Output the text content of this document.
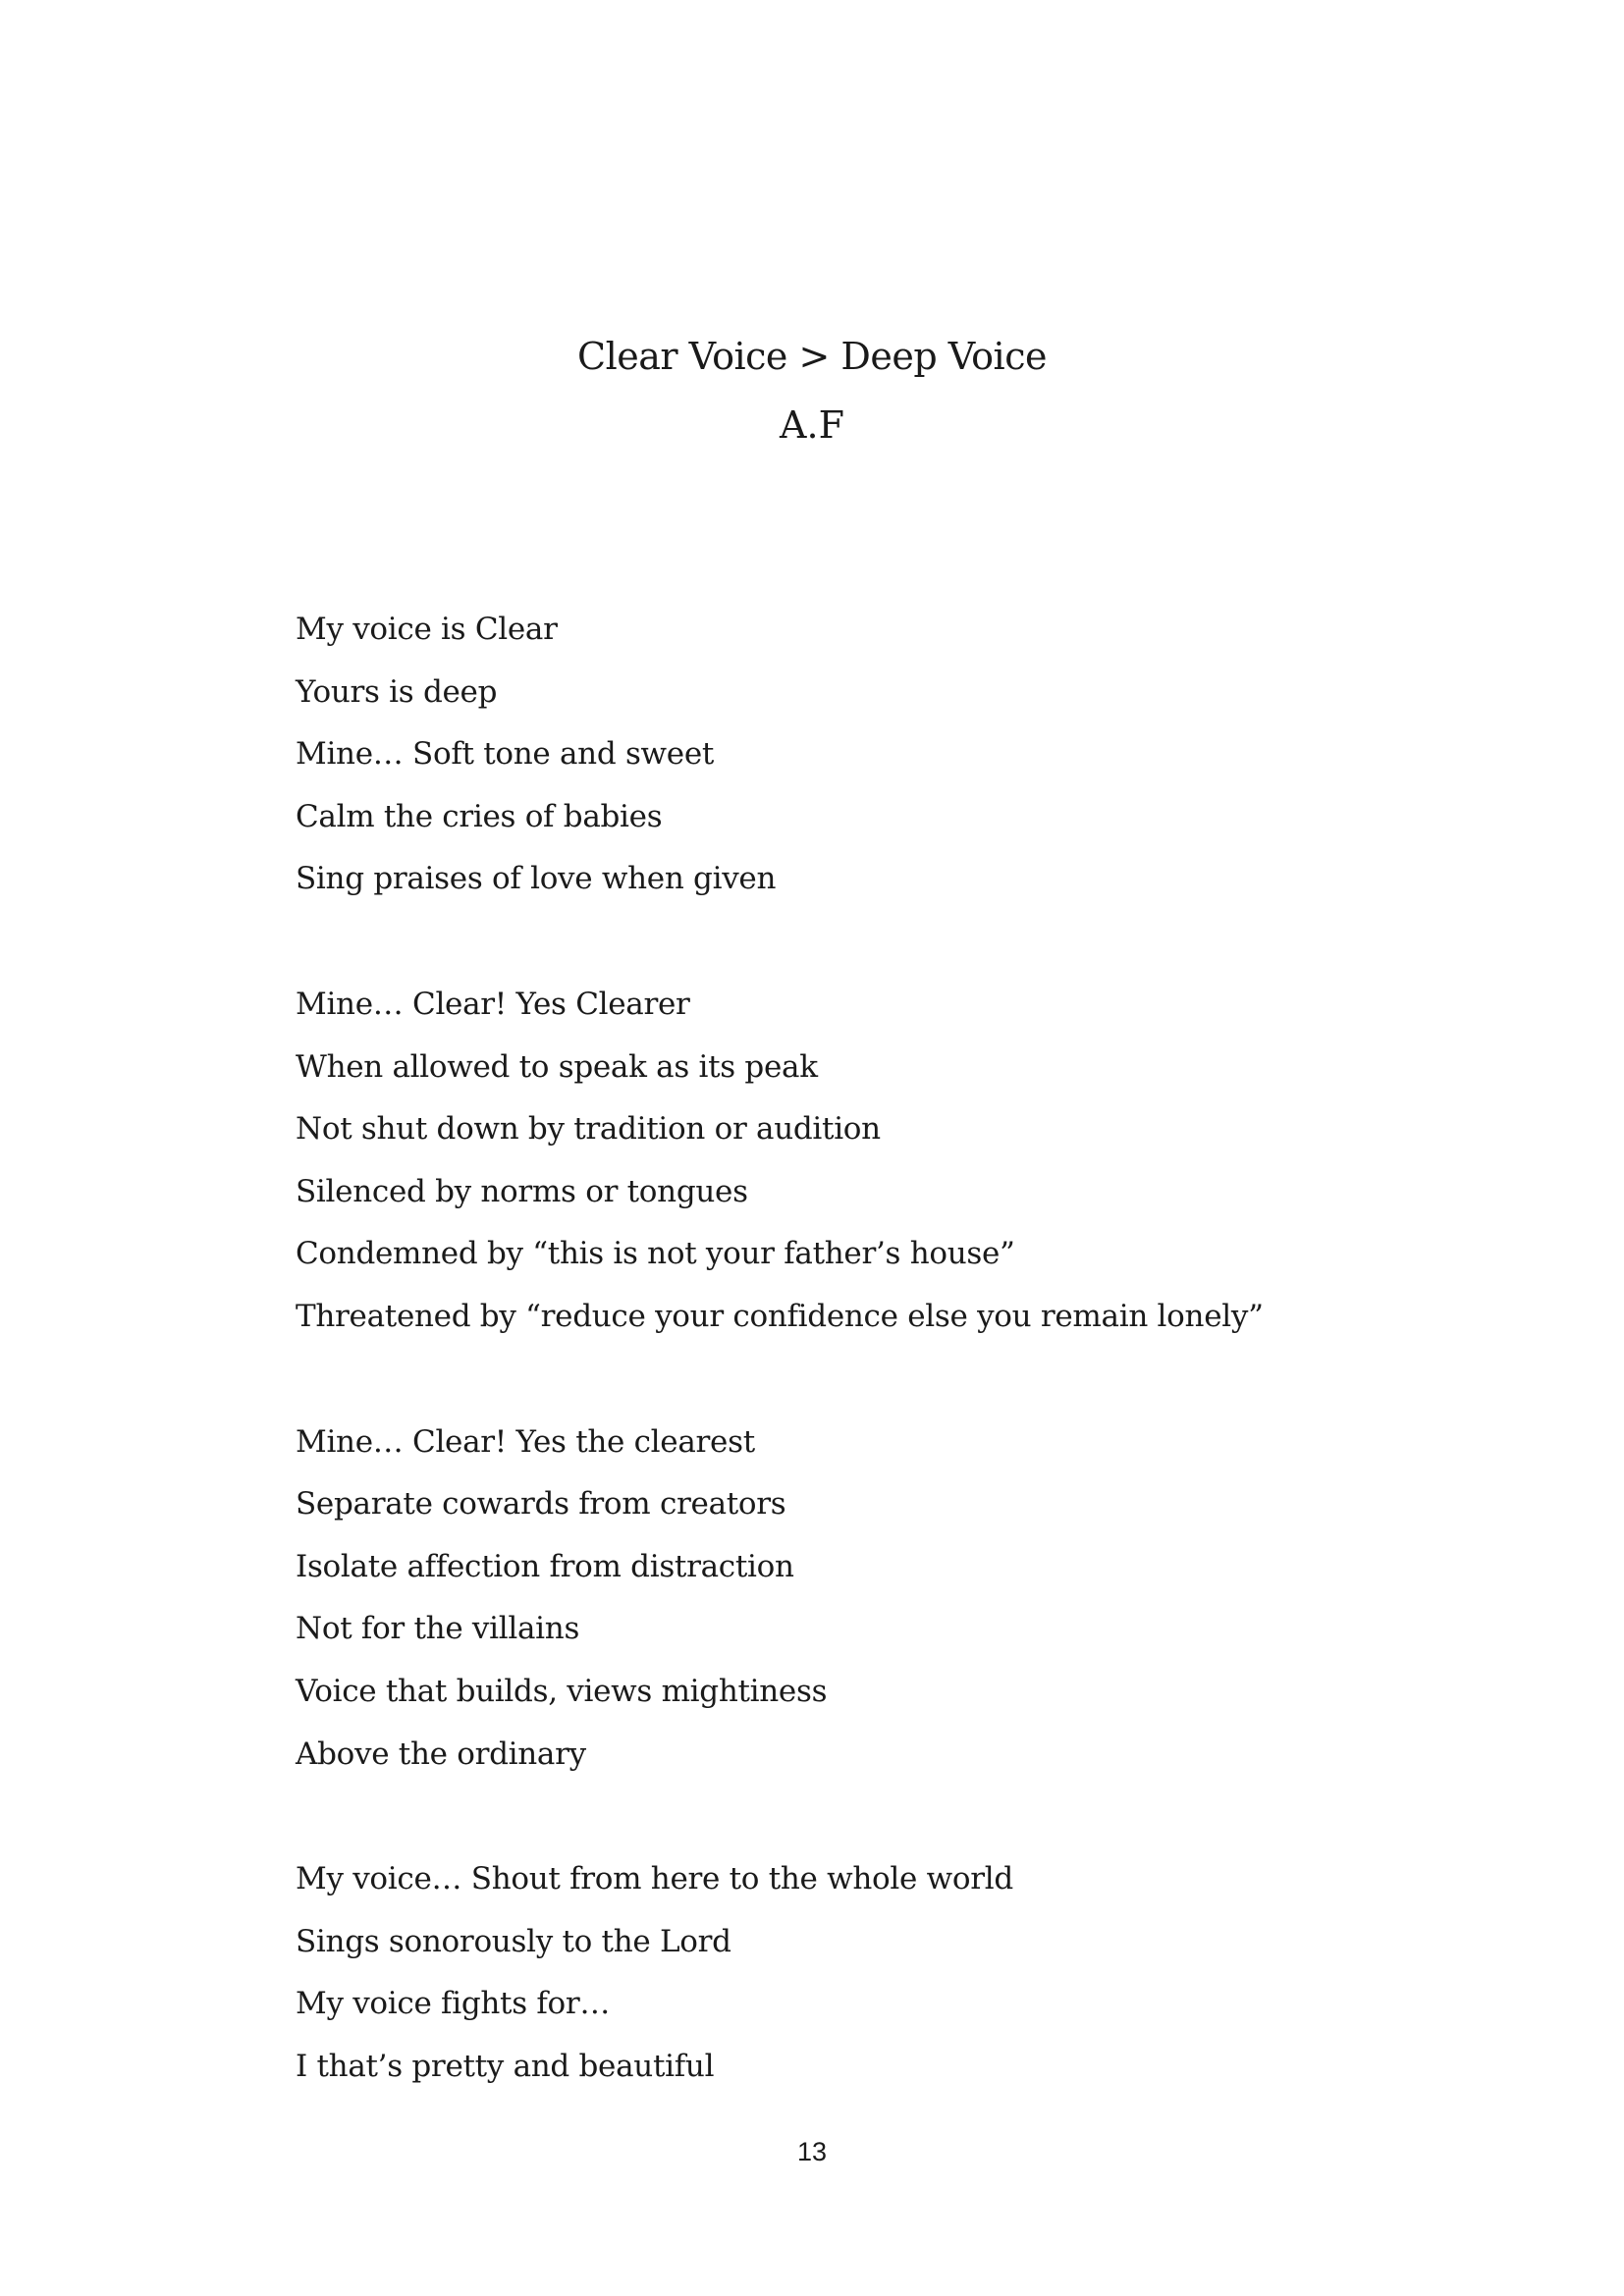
Clear Voice > Deep Voice
A.F
My voice is Clear
Yours is deep
Mine… Soft tone and sweet
Calm the cries of babies
Sing praises of love when given
Mine… Clear! Yes Clearer
When allowed to speak as its peak
Not shut down by tradition or audition
Silenced by norms or tongues
Condemned by “this is not your father’s house”
Threatened by “reduce your confidence else you remain lonely”
Mine… Clear! Yes the clearest
Separate cowards from creators
Isolate affection from distraction
Not for the villains
Voice that builds, views mightiness
Above the ordinary
My voice… Shout from here to the whole world
Sings sonorously to the Lord
My voice fights for…
I that’s pretty and beautiful
13
